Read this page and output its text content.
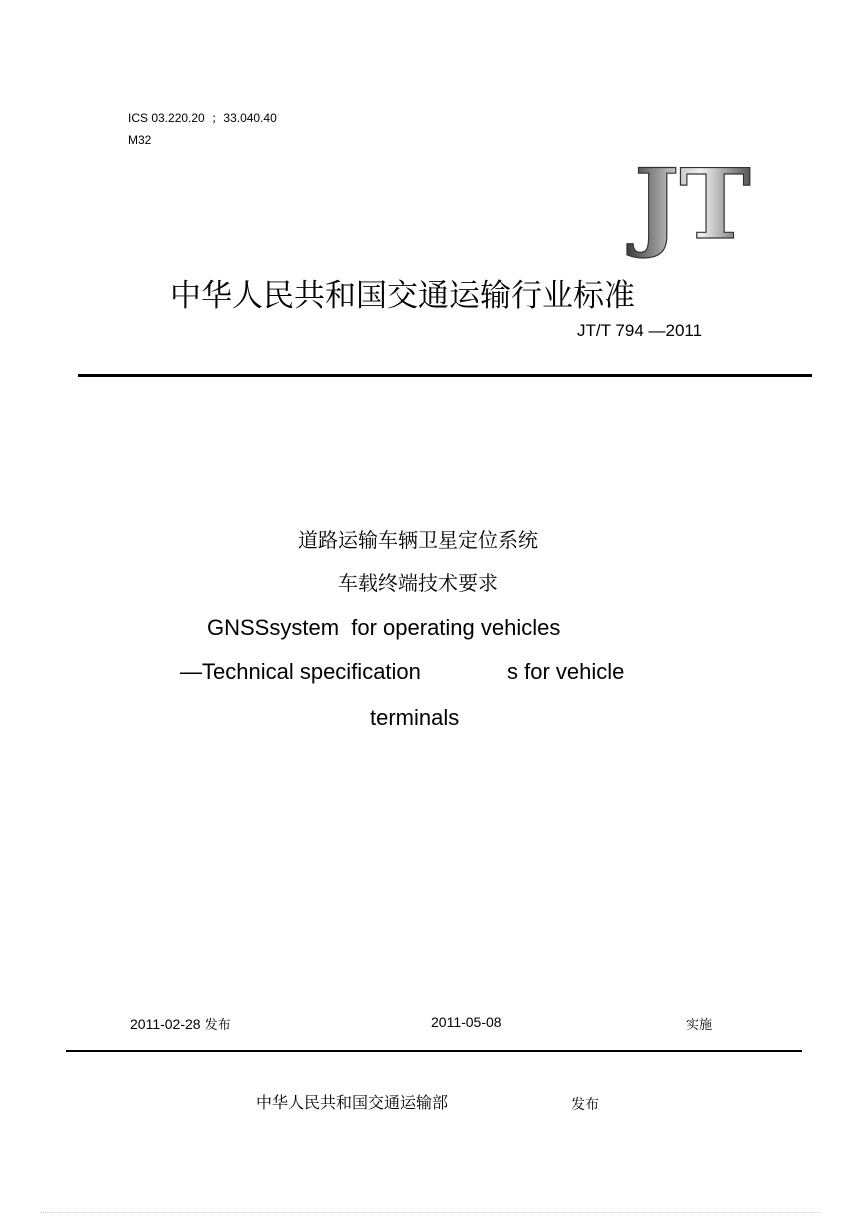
ICS 03.220.20  ；33.040.40
M32
JT
中华人民共和国交通运输行业标准
JT/T 794 —2011
道路运输车辆卫星定位系统
车载终端技术要求
GNSSsystem  for operating vehicles
—Technical specification	s for vehicle
terminals
2011-02-28 发布	2011-05-08	实施
中华人民共和国交通运输部	发布
